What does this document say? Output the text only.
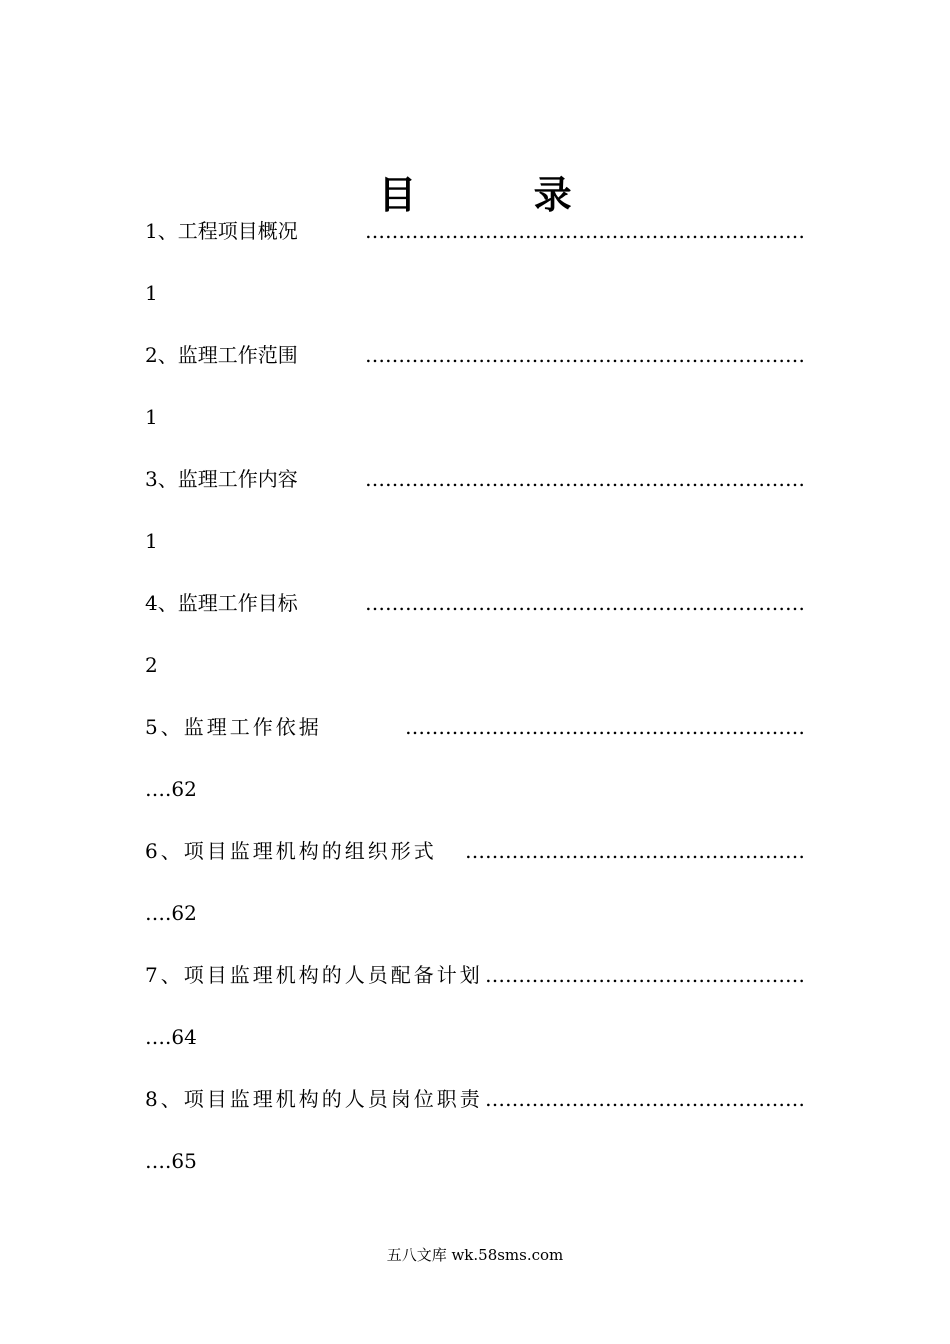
目 录
1、工程项目概况	…………………………………………………………
1
2、监理工作范围	…………………………………………………………
1
3、监理工作内容	…………………………………………………………
1
4、监理工作目标	…………………………………………………………
2
5、监理工作依据	……………………………………………………
….62
6、项目监理机构的组织形式 ……………………………………………
….62
7、项目监理机构的人员配备计划 …………………………………………
….64
8、项目监理机构的人员岗位职责 …………………………………………
….65
五八文库 wk.58sms.com
